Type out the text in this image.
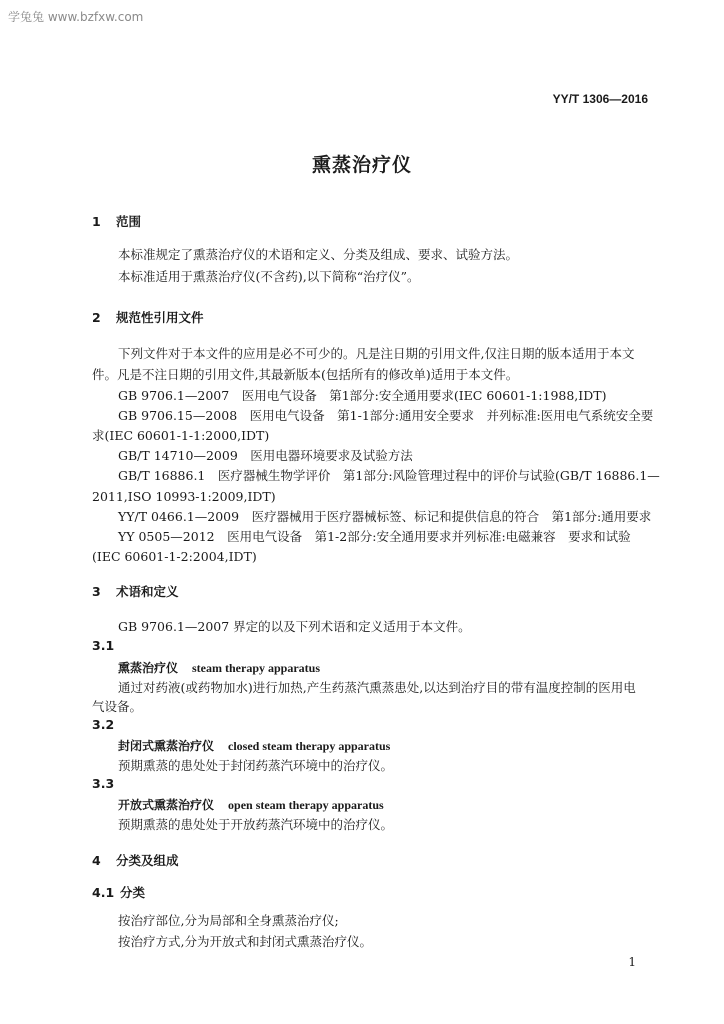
学兔兔 www.bzfxw.com
YY/T 1306—2016
熏蒸治疗仪
1 范围
本标准规定了熏蒸治疗仪的术语和定义、分类及组成、要求、试验方法。
本标准适用于熏蒸治疗仪(不含药),以下简称“治疗仪”。
2 规范性引用文件
下列文件对于本文件的应用是必不可少的。凡是注日期的引用文件,仅注日期的版本适用于本文
件。凡是不注日期的引用文件,其最新版本(包括所有的修改单)适用于本文件。
GB 9706.1—2007　医用电气设备　第1部分:安全通用要求(IEC 60601-1:1988,IDT)
GB 9706.15—2008　医用电气设备　第1-1部分:通用安全要求　并列标准:医用电气系统安全要
求(IEC 60601-1-1:2000,IDT)
GB/T 14710—2009　医用电器环境要求及试验方法
GB/T 16886.1　医疗器械生物学评价　第1部分:风险管理过程中的评价与试验(GB/T 16886.1—
2011,ISO 10993-1:2009,IDT)
YY/T 0466.1—2009　医疗器械用于医疗器械标签、标记和提供信息的符合　第1部分:通用要求
YY 0505—2012　医用电气设备　第1-2部分:安全通用要求并列标准:电磁兼容　要求和试验
(IEC 60601-1-2:2004,IDT)
3 术语和定义
GB 9706.1—2007 界定的以及下列术语和定义适用于本文件。
3.1
熏蒸治疗仪 steam therapy apparatus
通过对药液(或药物加水)进行加热,产生药蒸汽熏蒸患处,以达到治疗目的带有温度控制的医用电
气设备。
3.2
封闭式熏蒸治疗仪 closed steam therapy apparatus
预期熏蒸的患处处于封闭药蒸汽环境中的治疗仪。
3.3
开放式熏蒸治疗仪 open steam therapy apparatus
预期熏蒸的患处处于开放药蒸汽环境中的治疗仪。
4 分类及组成
4.1 分类
按治疗部位,分为局部和全身熏蒸治疗仪;
按治疗方式,分为开放式和封闭式熏蒸治疗仪。
1
